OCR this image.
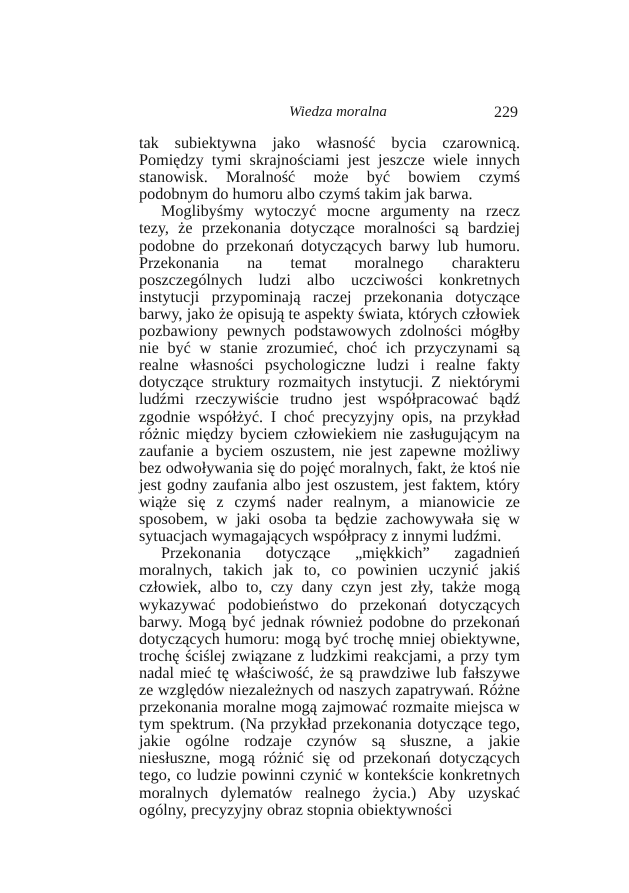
Wiedza moralna	229

tak subiektywna jako własność bycia czarownicą. Pomiędzy tymi skrajnościami jest jeszcze wiele innych stanowisk. Moralność może być bowiem czymś podobnym do humoru albo czymś takim jak barwa.

Moglibyśmy wytoczyć mocne argumenty na rzecz tezy, że przekonania dotyczące moralności są bardziej podobne do przekonań dotyczących barwy lub humoru. Przekonania na temat moralnego charakteru poszczególnych ludzi albo uczciwości konkretnych instytucji przypominają raczej przekonania dotyczące barwy, jako że opisują te aspekty świata, których człowiek pozbawiony pewnych podstawowych zdolności mógłby nie być w stanie zrozumieć, choć ich przyczynami są realne własności psychologiczne ludzi i realne fakty dotyczące struktury rozmaitych instytucji. Z niektórymi ludźmi rzeczywiście trudno jest współpracować bądź zgodnie współżyć. I choć precyzyjny opis, na przykład różnic między byciem człowiekiem nie zasługującym na zaufanie a byciem oszustem, nie jest zapewne możliwy bez odwoływania się do pojęć moralnych, fakt, że ktoś nie jest godny zaufania albo jest oszustem, jest faktem, który wiąże się z czymś nader realnym, a mianowicie ze sposobem, w jaki osoba ta będzie zachowywała się w sytuacjach wymagających współpracy z innymi ludźmi.

Przekonania dotyczące „miękkich” zagadnień moralnych, takich jak to, co powinien uczynić jakiś człowiek, albo to, czy dany czyn jest zły, także mogą wykazywać podobieństwo do przekonań dotyczących barwy. Mogą być jednak również podobne do przekonań dotyczących humoru: mogą być trochę mniej obiektywne, trochę ściślej związane z ludzkimi reakcjami, a przy tym nadal mieć tę właściwość, że są prawdziwe lub fałszywe ze względów niezależnych od naszych zapatrywań. Różne przekonania moralne mogą zajmować rozmaite miejsca w tym spektrum. (Na przykład przekonania dotyczące tego, jakie ogólne rodzaje czynów są słuszne, a jakie niesłuszne, mogą różnić się od przekonań dotyczących tego, co ludzie powinni czynić w kontekście konkretnych moralnych dylematów realnego życia.) Aby uzyskać ogólny, precyzyjny obraz stopnia obiektywności
